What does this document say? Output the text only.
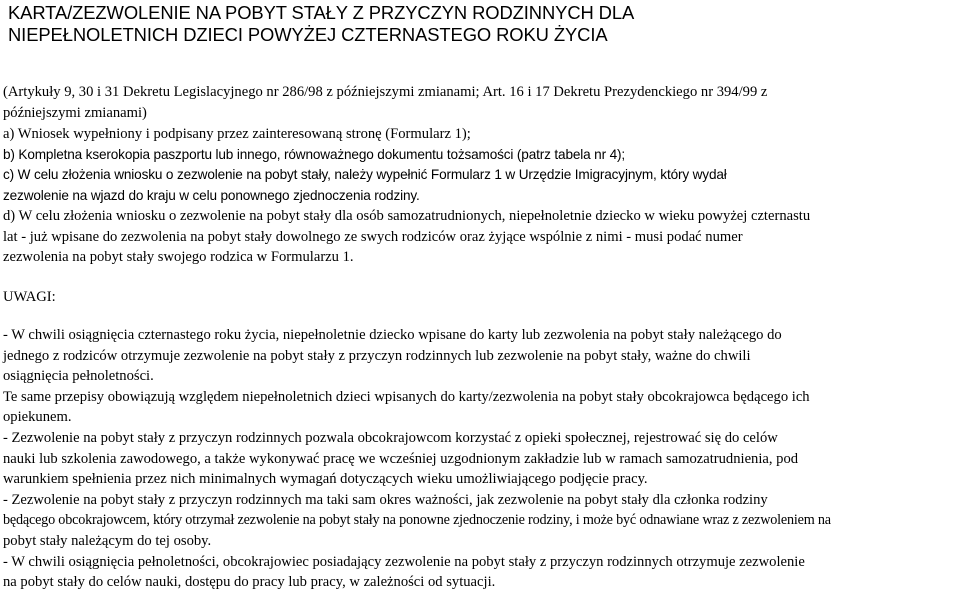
KARTA/ZEZWOLENIE NA POBYT STAŁY Z PRZYCZYN RODZINNYCH DLA
NIEPEŁNOLETNICH DZIECI POWYŻEJ CZTERNASTEGO ROKU ŻYCIA

(Artykuły 9, 30 i 31 Dekretu Legislacyjnego nr 286/98 z późniejszymi zmianami; Art. 16 i 17 Dekretu Prezydenckiego nr 394/99 z
późniejszymi zmianami)

a) Wniosek wypełniony i podpisany przez zainteresowaną stronę (Formularz 1);

b) Kompletna kserokopia paszportu lub innego, równoważnego dokumentu tożsamości (patrz tabela nr 4);

c) W celu złożenia wniosku o zezwolenie na pobyt stały, należy wypełnić Formularz 1 w Urzędzie Imigracyjnym, który wydał
zezwolenie na wjazd do kraju w celu ponownego zjednoczenia rodziny.

d) W celu złożenia wniosku o zezwolenie na pobyt stały dla osób samozatrudnionych, niepełnoletnie dziecko w wieku powyżej czternastu
lat - już wpisane do zezwolenia na pobyt stały dowolnego ze swych rodziców oraz żyjące wspólnie z nimi - musi podać numer
zezwolenia na pobyt stały swojego rodzica w Formularzu 1.

UWAGI:

- W chwili osiągnięcia czternastego roku życia, niepełnoletnie dziecko wpisane do karty lub zezwolenia na pobyt stały należącego do
jednego z rodziców otrzymuje zezwolenie na pobyt stały z przyczyn rodzinnych lub zezwolenie na pobyt stały, ważne do chwili
osiągnięcia pełnoletności.
Te same przepisy obowiązują względem niepełnoletnich dzieci wpisanych do karty/zezwolenia na pobyt stały obcokrajowca będącego ich
opiekunem.
- Zezwolenie na pobyt stały z przyczyn rodzinnych pozwala obcokrajowcom korzystać z opieki społecznej, rejestrować się do celów
nauki lub szkolenia zawodowego, a także wykonywać pracę we wcześniej uzgodnionym zakładzie lub w ramach samozatrudnienia, pod
warunkiem spełnienia przez nich minimalnych wymagań dotyczących wieku umożliwiającego podjęcie pracy.
- Zezwolenie na pobyt stały z przyczyn rodzinnych ma taki sam okres ważności, jak zezwolenie na pobyt stały dla członka rodziny
będącego obcokrajowcem, który otrzymał zezwolenie na pobyt stały na ponowne zjednoczenie rodziny, i może być odnawiane wraz z zezwoleniem na
pobyt stały należącym do tej osoby.
- W chwili osiągnięcia pełnoletności, obcokrajowiec posiadający zezwolenie na pobyt stały z przyczyn rodzinnych otrzymuje zezwolenie
na pobyt stały do celów nauki, dostępu do pracy lub pracy, w zależności od sytuacji.
